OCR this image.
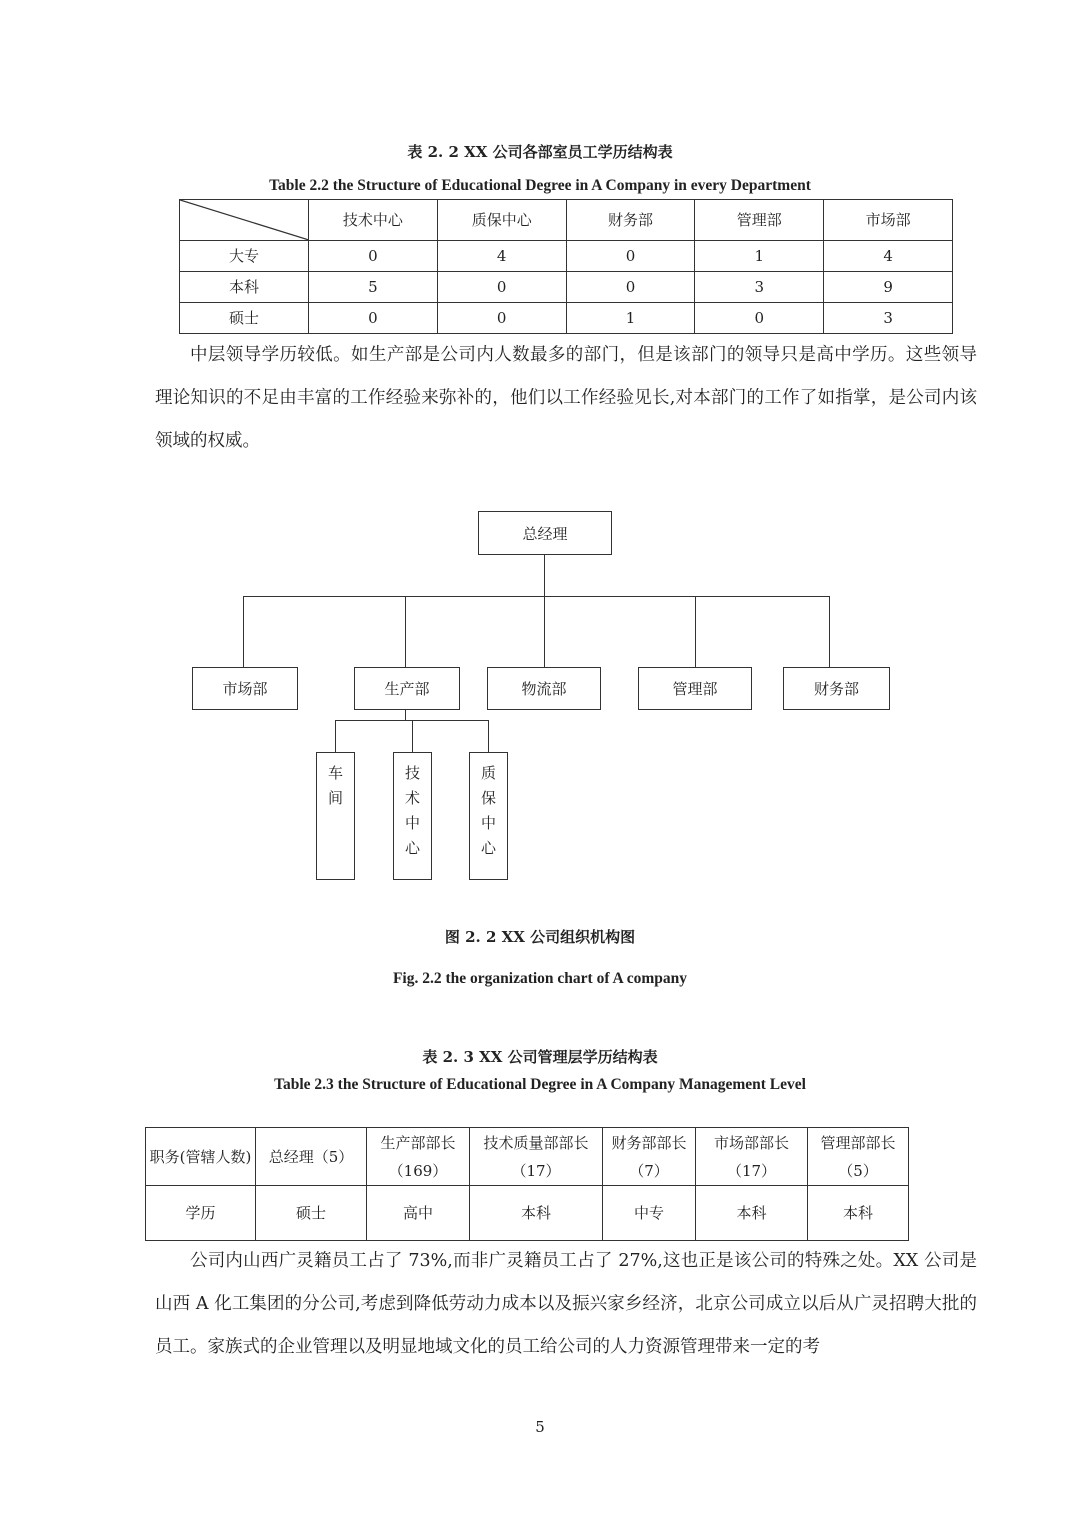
表 2. 2 XX 公司各部室员工学历结构表
Table 2.2 the Structure of Educational Degree in A Company in every Department
	技术中心	质保中心	财务部	管理部	市场部
大专	0	4	0	1	4
本科	5	0	0	3	9
硕士	0	0	1	0	3
中层领导学历较低。如生产部是公司内人数最多的部门，但是该部门的领导只是高中学历。这些领导理论知识的不足由丰富的工作经验来弥补的，他们以工作经验见长,对本部门的工作了如指掌，是公司内该领域的权威。
总经理
市场部	生产部	物流部	管理部	财务部
车间	技术中心	质保中心
图 2. 2 XX 公司组织机构图
Fig. 2.2 the organization chart of A company
表 2. 3 XX 公司管理层学历结构表
Table 2.3 the Structure of Educational Degree in A Company Management Level
职务(管辖人数)	总经理（5）	生产部部长（169）	技术质量部部长（17）	财务部部长（7）	市场部部长（17）	管理部部长（5）
学历	硕士	高中	本科	中专	本科	本科
公司内山西广灵籍员工占了 73%,而非广灵籍员工占了 27%,这也正是该公司的特殊之处。XX 公司是山西 A 化工集团的分公司,考虑到降低劳动力成本以及振兴家乡经济，北京公司成立以后从广灵招聘大批的员工。家族式的企业管理以及明显地域文化的员工给公司的人力资源管理带来一定的考
5
